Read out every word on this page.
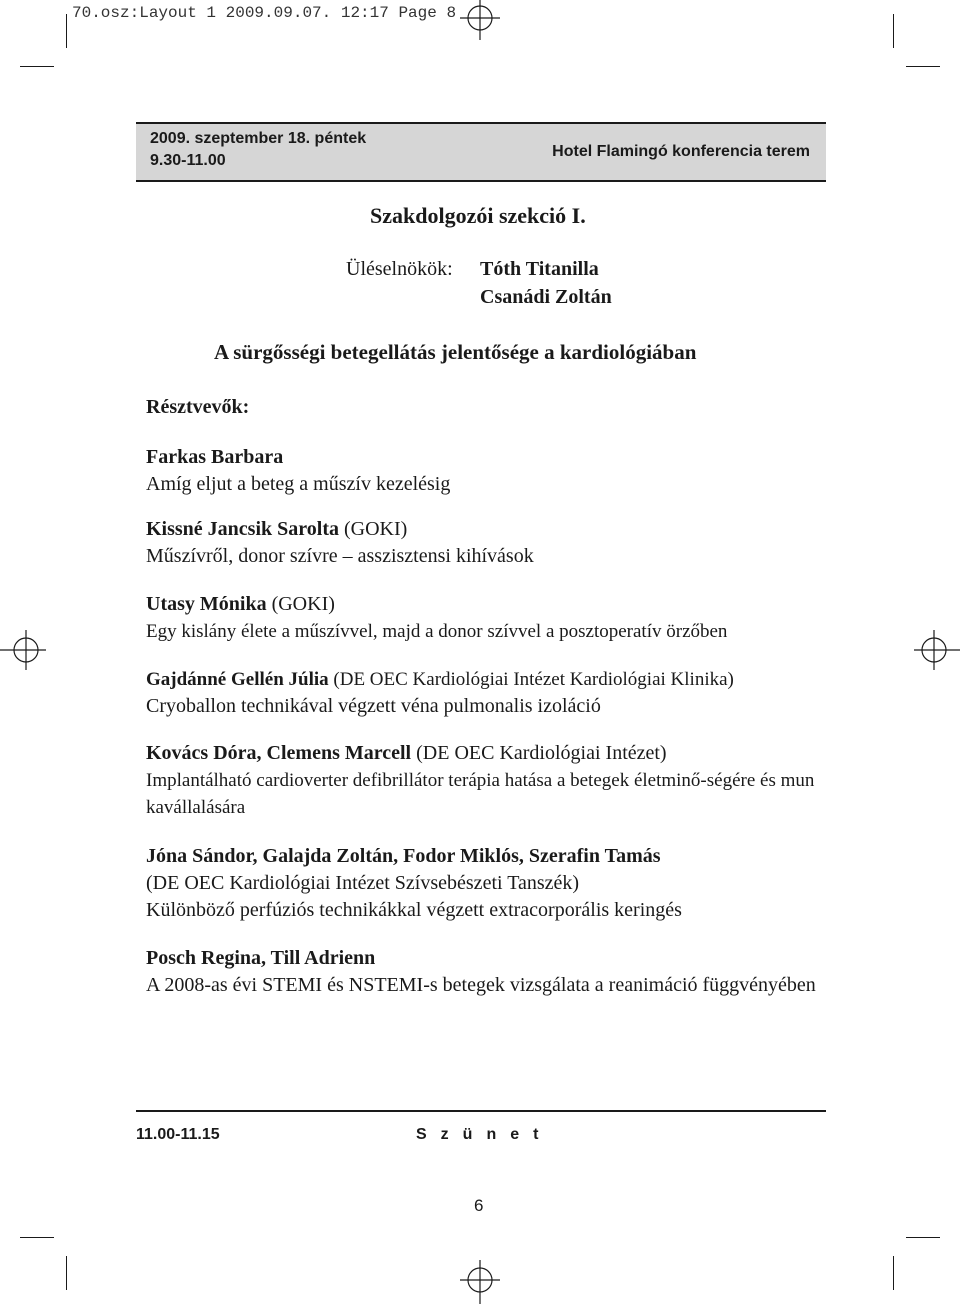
70.osz:Layout 1 2009.09.07. 12:17 Page 8
2009. szeptember 18. péntek
9.30-11.00
Hotel Flamingó konferencia terem
Szakdolgozói szekció I.
Üléselnökök: Tóth Titanilla
Csanádi Zoltán
A sürgősségi betegellátás jelentősége a kardiológiában
Résztvevők:
Farkas Barbara
Amíg eljut a beteg a műszív kezelésig
Kissné Jancsik Sarolta (GOKI)
Műszívről, donor szívre – asszisztensi kihívások
Utasy Mónika (GOKI)
Egy kislány élete a műszívvel, majd a donor szívvel a posztoperatív örzőben
Gajdánné Gellén Júlia (DE OEC Kardiológiai Intézet Kardiológiai Klinika)
Cryoballon technikával végzett véna pulmonalis izoláció
Kovács Dóra, Clemens Marcell (DE OEC Kardiológiai Intézet)
Implantálható cardioverter defibrillátor terápia hatása a betegek életminő-ségére és munkavállalására
Jóna Sándor, Galajda Zoltán, Fodor Miklós, Szerafin Tamás
(DE OEC Kardiológiai Intézet Szívsebészeti Tanszék)
Különböző perfúziós technikákkal végzett extracorporális keringés
Posch Regina, Till Adrienn
A 2008-as évi STEMI és NSTEMI-s betegek vizsgálata a reanimáció függvényében
11.00-11.15	Szünet
6
